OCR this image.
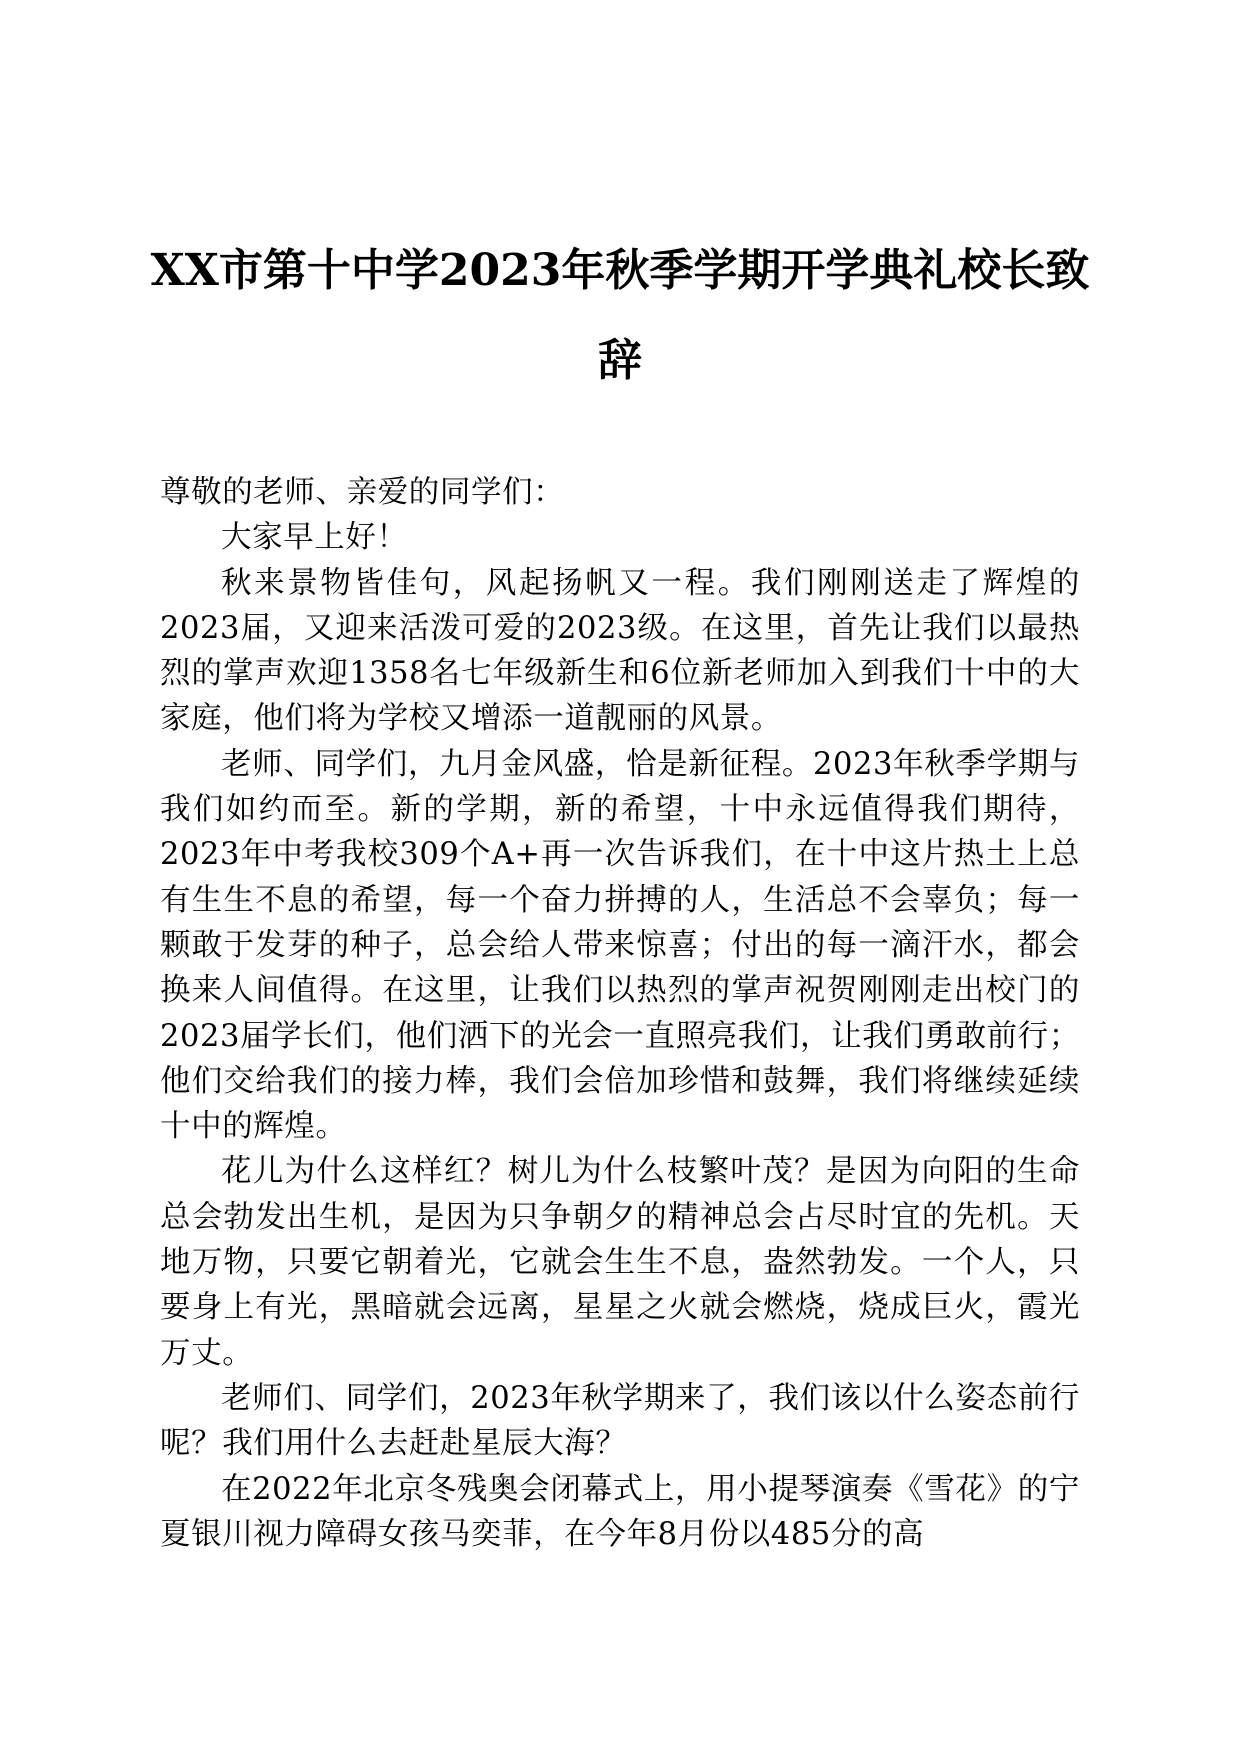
XX市第十中学2023年秋季学期开学典礼校长致辞

尊敬的老师、亲爱的同学们：

大家早上好！

秋来景物皆佳句，风起扬帆又一程。我们刚刚送走了辉煌的2023届，又迎来活泼可爱的2023级。在这里，首先让我们以最热烈的掌声欢迎1358名七年级新生和6位新老师加入到我们十中的大家庭，他们将为学校又增添一道靓丽的风景。

老师、同学们，九月金风盛，恰是新征程。2023年秋季学期与我们如约而至。新的学期，新的希望，十中永远值得我们期待，2023年中考我校309个A+再一次告诉我们，在十中这片热土上总有生生不息的希望，每一个奋力拼搏的人，生活总不会辜负；每一颗敢于发芽的种子，总会给人带来惊喜；付出的每一滴汗水，都会换来人间值得。在这里，让我们以热烈的掌声祝贺刚刚走出校门的2023届学长们，他们洒下的光会一直照亮我们，让我们勇敢前行；他们交给我们的接力棒，我们会倍加珍惜和鼓舞，我们将继续延续十中的辉煌。

花儿为什么这样红？树儿为什么枝繁叶茂？是因为向阳的生命总会勃发出生机，是因为只争朝夕的精神总会占尽时宜的先机。天地万物，只要它朝着光，它就会生生不息，盎然勃发。一个人，只要身上有光，黑暗就会远离，星星之火就会燃烧，烧成巨火，霞光万丈。

老师们、同学们，2023年秋学期来了，我们该以什么姿态前行呢？我们用什么去赶赴星辰大海？

在2022年北京冬残奥会闭幕式上，用小提琴演奏《雪花》的宁夏银川视力障碍女孩马奕菲，在今年8月份以485分的高
